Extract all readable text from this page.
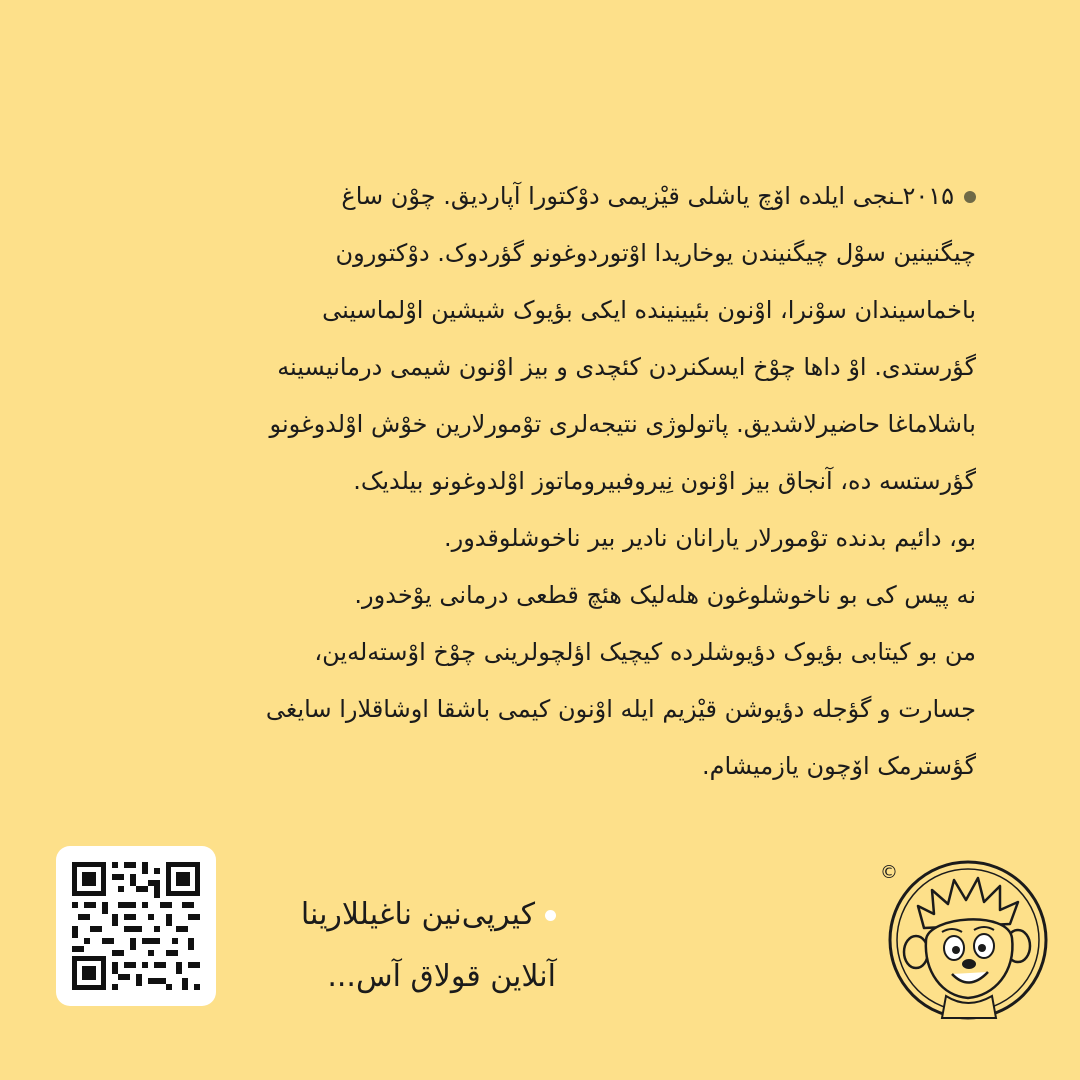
۲۰۱۵ـنجی ایلده اۆچ یاشلی قیْزیمی دوْکتورا آپاردیق. چوْن ساغ
چیگنینین سوْل چیگنیندن یوخاریدا اوْتوردوغونو گؤردوک. دوْکتورون
باخماسیندان سوْنرا، اوْنون بئیینینده ایکی بؤیوک شیشین اوْلماسینی
گؤرستدی. اوْ داها چوْخ ایسکنردن کئچدی و بیز اوْنون شیمی درمانیسینه
باشلاماغا حاضیرلاشدیق. پاتولوژی نتیجه‌لری توْمورلارین خوْش اوْلدوغونو
گؤرستسه ده، آنجاق بیز اوْنون نِیروفبیروماتوز اوْلدوغونو بیلدیک.
بو، دائیم بدنده توْمورلار یارانان نادیر بیر ناخوشلوقدور.
نه پیس کی بو ناخوشلوغون هله‌لیک هئچ قطعی درمانی یوْخدور.
من بو کیتابی بؤیوک دؤیوشلرده کیچیک اؤلچولرینی چوْخ اوْسته‌له‌ین،
جسارت و گؤجله دؤیوشن قیْزیم ایله اوْنون کیمی باشقا اوشاقلارا سایغی
گؤسترمک اۆچون یازمیشام.
کیرپی‌نین ناغیللارینا
آنلاین قولاق آس...
©
